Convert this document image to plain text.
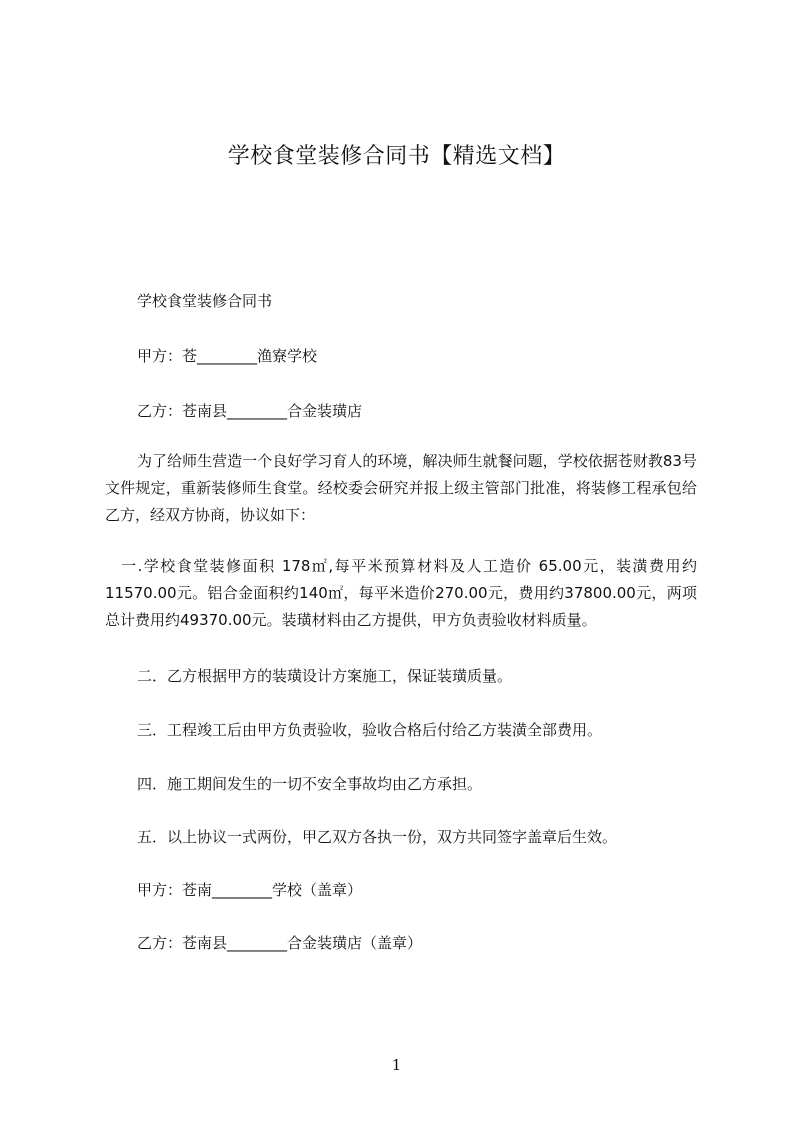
学校食堂装修合同书【精选文档】
学校食堂装修合同书
甲方：苍________渔寮学校
乙方：苍南县________合金装璜店
为了给师生营造一个良好学习育人的环境，解决师生就餐问题，学校依据苍财教83号文件规定，重新装修师生食堂。经校委会研究并报上级主管部门批准，将装修工程承包给乙方，经双方协商，协议如下：
一.学校食堂装修面积 178㎡,每平米预算材料及人工造价 65.00元，装潢费用约11570.00元。铝合金面积约140㎡，每平米造价270.00元，费用约37800.00元，两项总计费用约49370.00元。装璜材料由乙方提供，甲方负责验收材料质量。
二．乙方根据甲方的装璜设计方案施工，保证装璜质量。
三．工程竣工后由甲方负责验收，验收合格后付给乙方装潢全部费用。
四．施工期间发生的一切不安全事故均由乙方承担。
五．以上协议一式两份，甲乙双方各执一份，双方共同签字盖章后生效。
甲方：苍南________学校（盖章）
乙方：苍南县________合金装璜店（盖章）
1
